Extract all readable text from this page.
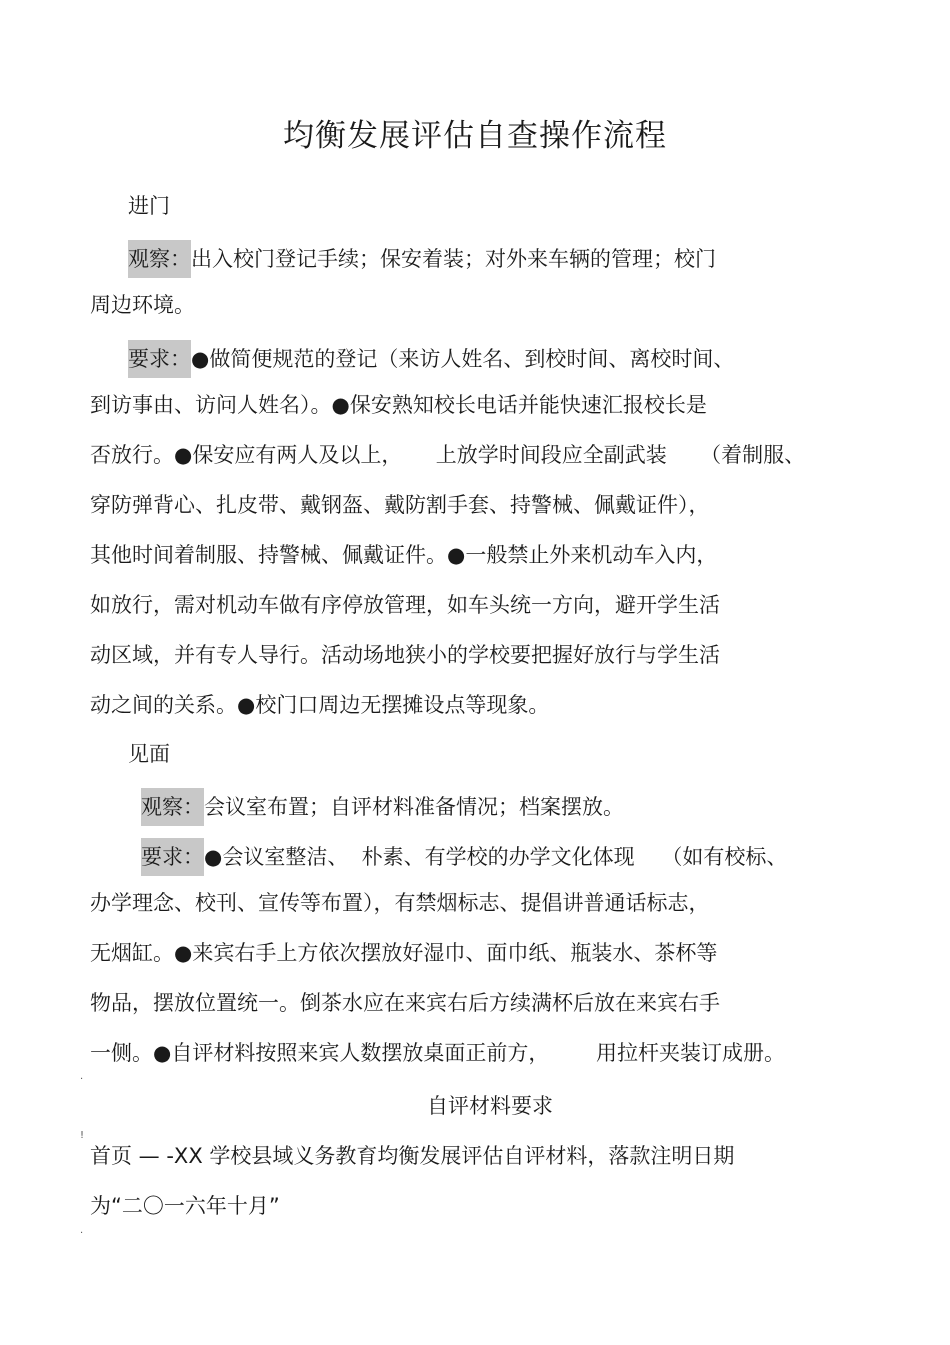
均衡发展评估自查操作流程
进门
观察：出入校门登记手续；保安着装；对外来车辆的管理；校门
周边环境。
要求：●做简便规范的登记（来访人姓名、到校时间、离校时间、
到访事由、访问人姓名）。●保安熟知校长电话并能快速汇报校长是
否放行。●保安应有两人及以上，     上放学时间段应全副武装     （着制服、
穿防弹背心、扎皮带、戴钢盔、戴防割手套、持警械、佩戴证件），
其他时间着制服、持警械、佩戴证件。●一般禁止外来机动车入内，
如放行，需对机动车做有序停放管理，如车头统一方向，避开学生活
动区域，并有专人导行。活动场地狭小的学校要把握好放行与学生活
动之间的关系。●校门口周边无摆摊设点等现象。
见面
观察：会议室布置；自评材料准备情况；档案摆放。
要求：●会议室整洁、  朴素、有学校的办学文化体现    （如有校标、
办学理念、校刊、宣传等布置），有禁烟标志、提倡讲普通话标志，
无烟缸。●来宾右手上方依次摆放好湿巾、面巾纸、瓶装水、茶杯等
物品，摆放位置统一。倒茶水应在来宾右后方续满杯后放在来宾右手
一侧。●自评材料按照来宾人数摆放桌面正前方，       用拉杆夹装订成册。
.
自评材料要求
!
首页 — -XX 学校县域义务教育均衡发展评估自评材料，落款注明日期
为“二〇一六年十月”
.
